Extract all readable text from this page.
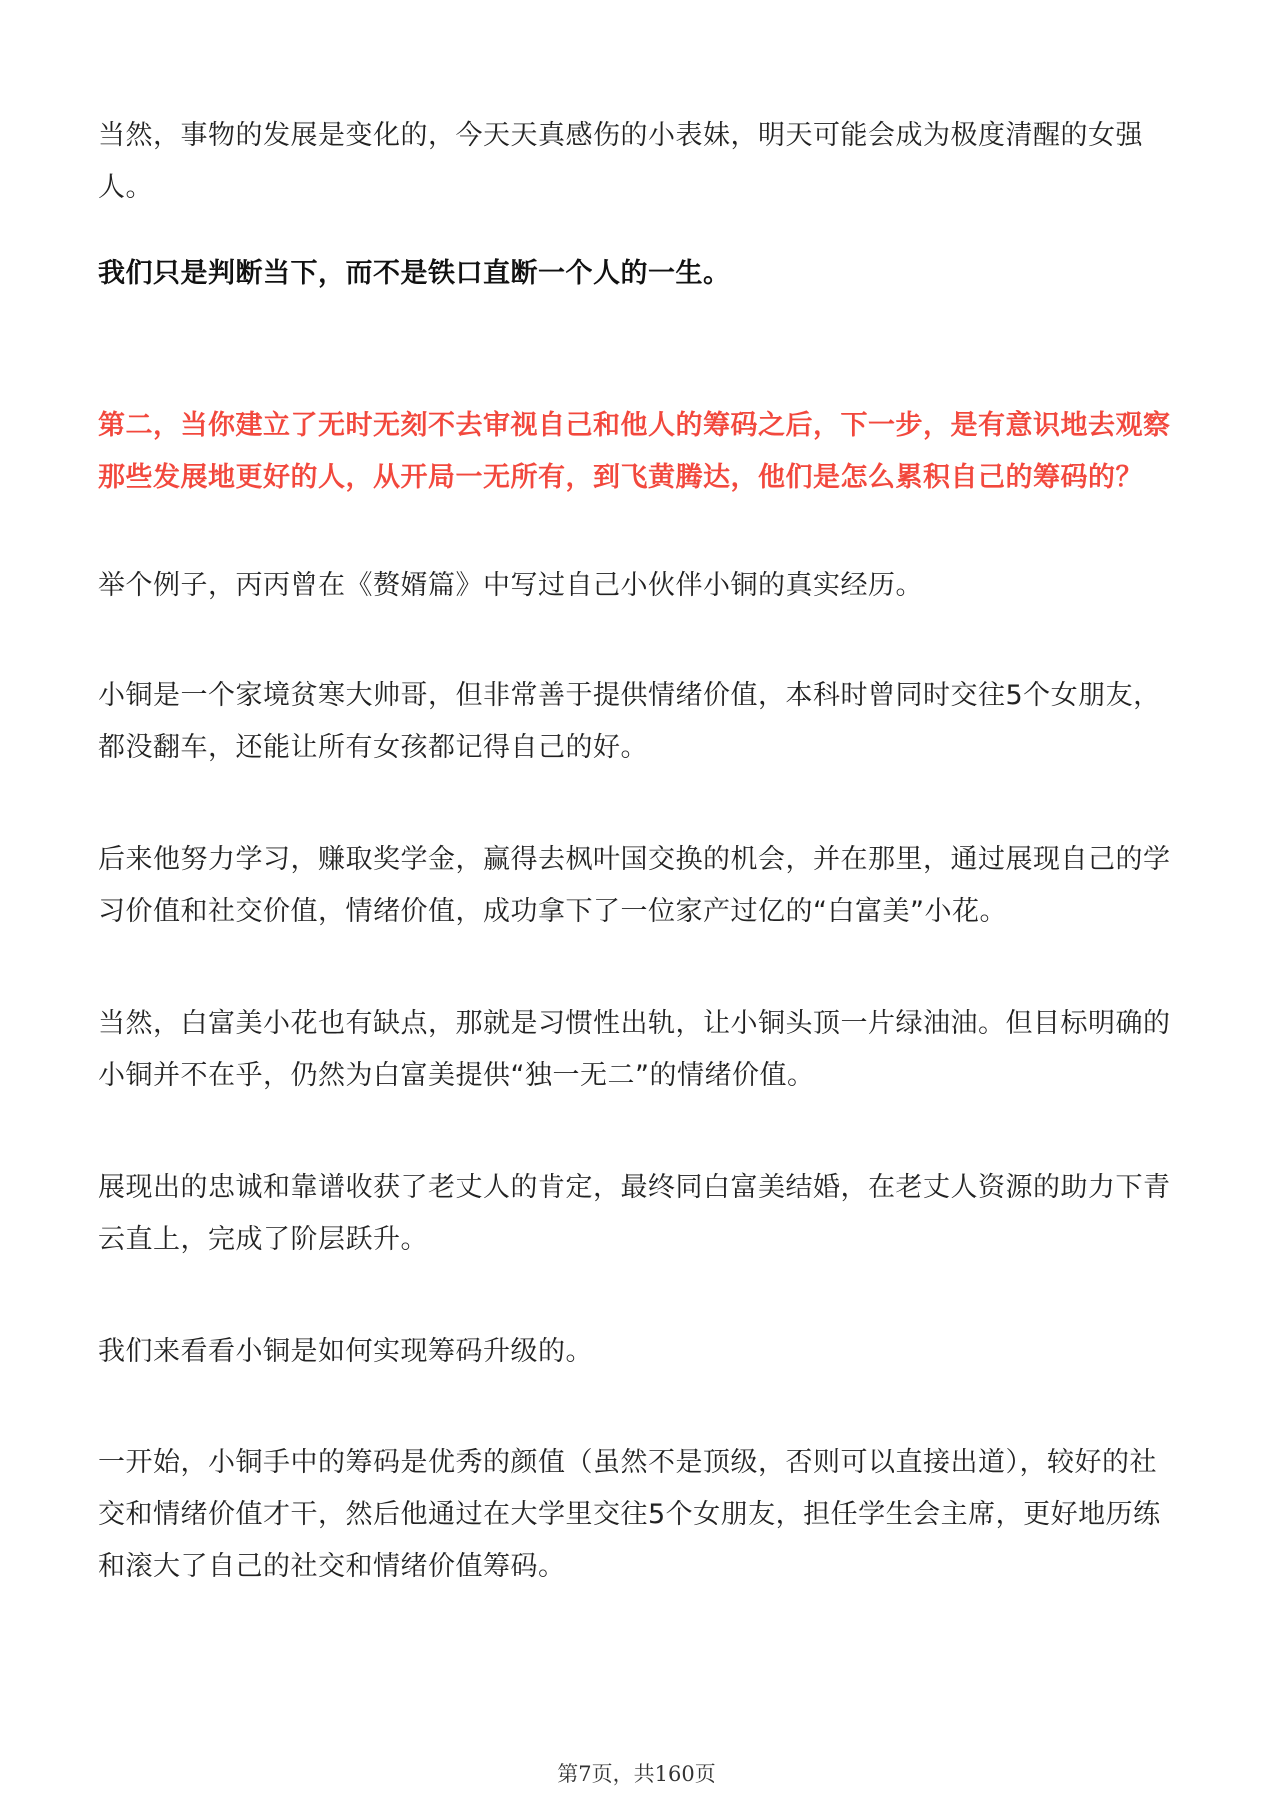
当然，事物的发展是变化的，今天天真感伤的小表妹，明天可能会成为极度清醒的女强人。

我们只是判断当下，而不是铁口直断一个人的一生。

第二，当你建立了无时无刻不去审视自己和他人的筹码之后，下一步，是有意识地去观察那些发展地更好的人，从开局一无所有，到飞黄腾达，他们是怎么累积自己的筹码的？

举个例子，丙丙曾在《赘婿篇》中写过自己小伙伴小铜的真实经历。

小铜是一个家境贫寒大帅哥，但非常善于提供情绪价值，本科时曾同时交往5个女朋友，都没翻车，还能让所有女孩都记得自己的好。

后来他努力学习，赚取奖学金，赢得去枫叶国交换的机会，并在那里，通过展现自己的学习价值和社交价值，情绪价值，成功拿下了一位家产过亿的“白富美”小花。

当然，白富美小花也有缺点，那就是习惯性出轨，让小铜头顶一片绿油油。但目标明确的小铜并不在乎，仍然为白富美提供“独一无二”的情绪价值。

展现出的忠诚和靠谱收获了老丈人的肯定，最终同白富美结婚，在老丈人资源的助力下青云直上，完成了阶层跃升。

我们来看看小铜是如何实现筹码升级的。

一开始，小铜手中的筹码是优秀的颜值（虽然不是顶级，否则可以直接出道），较好的社交和情绪价值才干，然后他通过在大学里交往5个女朋友，担任学生会主席，更好地历练和滚大了自己的社交和情绪价值筹码。

第7页，共160页
